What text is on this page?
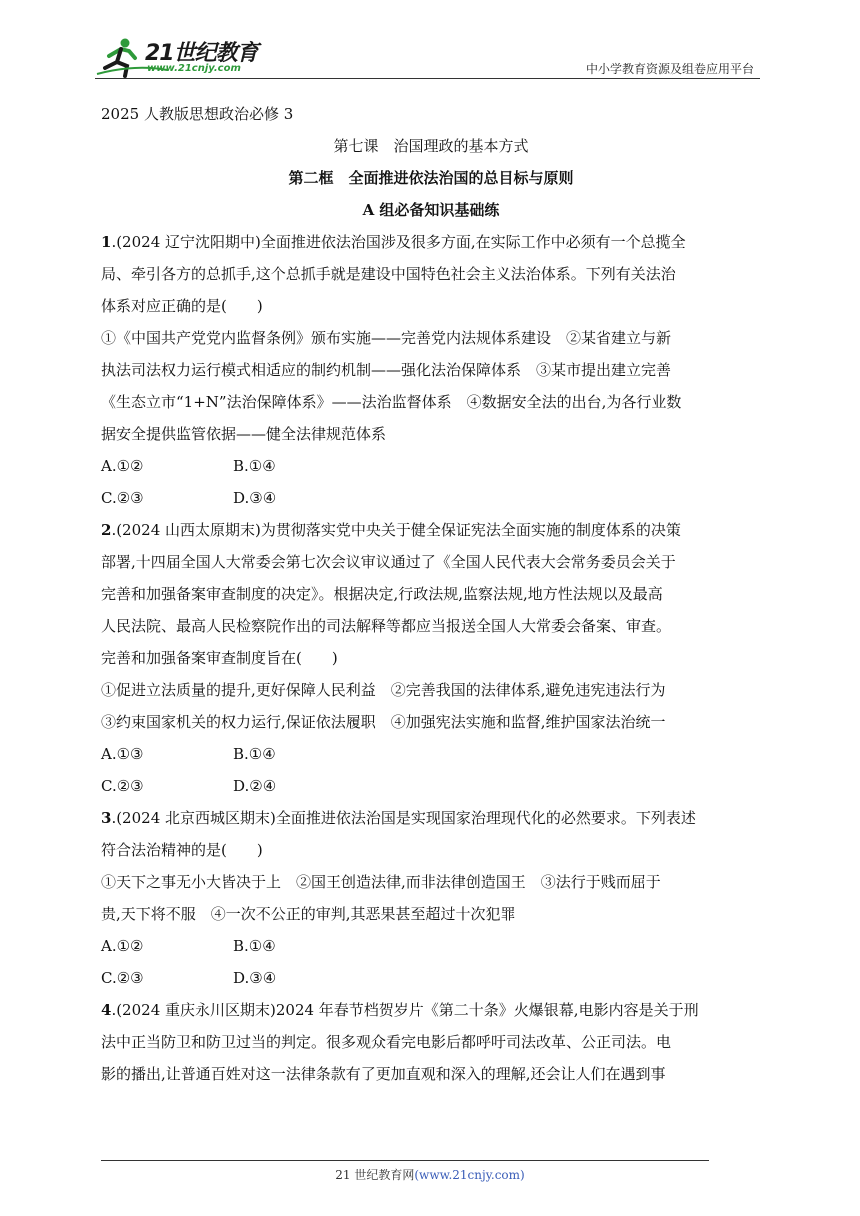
21世纪教育
www.21cnjy.com	中小学教育资源及组卷应用平台

2025 人教版思想政治必修 3

第七课　治国理政的基本方式

第二框　全面推进依法治国的总目标与原则

A 组必备知识基础练

1.(2024 辽宁沈阳期中)全面推进依法治国涉及很多方面,在实际工作中必须有一个总揽全

局、牵引各方的总抓手,这个总抓手就是建设中国特色社会主义法治体系。下列有关法治

体系对应正确的是(　　)

①《中国共产党党内监督条例》颁布实施——完善党内法规体系建设　②某省建立与新

执法司法权力运行模式相适应的制约机制——强化法治保障体系　③某市提出建立完善

《生态立市“1+N”法治保障体系》——法治监督体系　④数据安全法的出台,为各行业数

据安全提供监管依据——健全法律规范体系

A.①②	B.①④
C.②③	D.③④

2.(2024 山西太原期末)为贯彻落实党中央关于健全保证宪法全面实施的制度体系的决策

部署,十四届全国人大常委会第七次会议审议通过了《全国人民代表大会常务委员会关于

完善和加强备案审查制度的决定》。根据决定,行政法规,监察法规,地方性法规以及最高

人民法院、最高人民检察院作出的司法解释等都应当报送全国人大常委会备案、审查。

完善和加强备案审查制度旨在(　　)

①促进立法质量的提升,更好保障人民利益　②完善我国的法律体系,避免违宪违法行为

③约束国家机关的权力运行,保证依法履职　④加强宪法实施和监督,维护国家法治统一

A.①③	B.①④
C.②③	D.②④

3.(2024 北京西城区期末)全面推进依法治国是实现国家治理现代化的必然要求。下列表述

符合法治精神的是(　　)

①天下之事无小大皆决于上　②国王创造法律,而非法律创造国王　③法行于贱而屈于

贵,天下将不服　④一次不公正的审判,其恶果甚至超过十次犯罪

A.①②	B.①④
C.②③	D.③④

4.(2024 重庆永川区期末)2024 年春节档贺岁片《第二十条》火爆银幕,电影内容是关于刑

法中正当防卫和防卫过当的判定。很多观众看完电影后都呼吁司法改革、公正司法。电

影的播出,让普通百姓对这一法律条款有了更加直观和深入的理解,还会让人们在遇到事

21 世纪教育网(www.21cnjy.com)
